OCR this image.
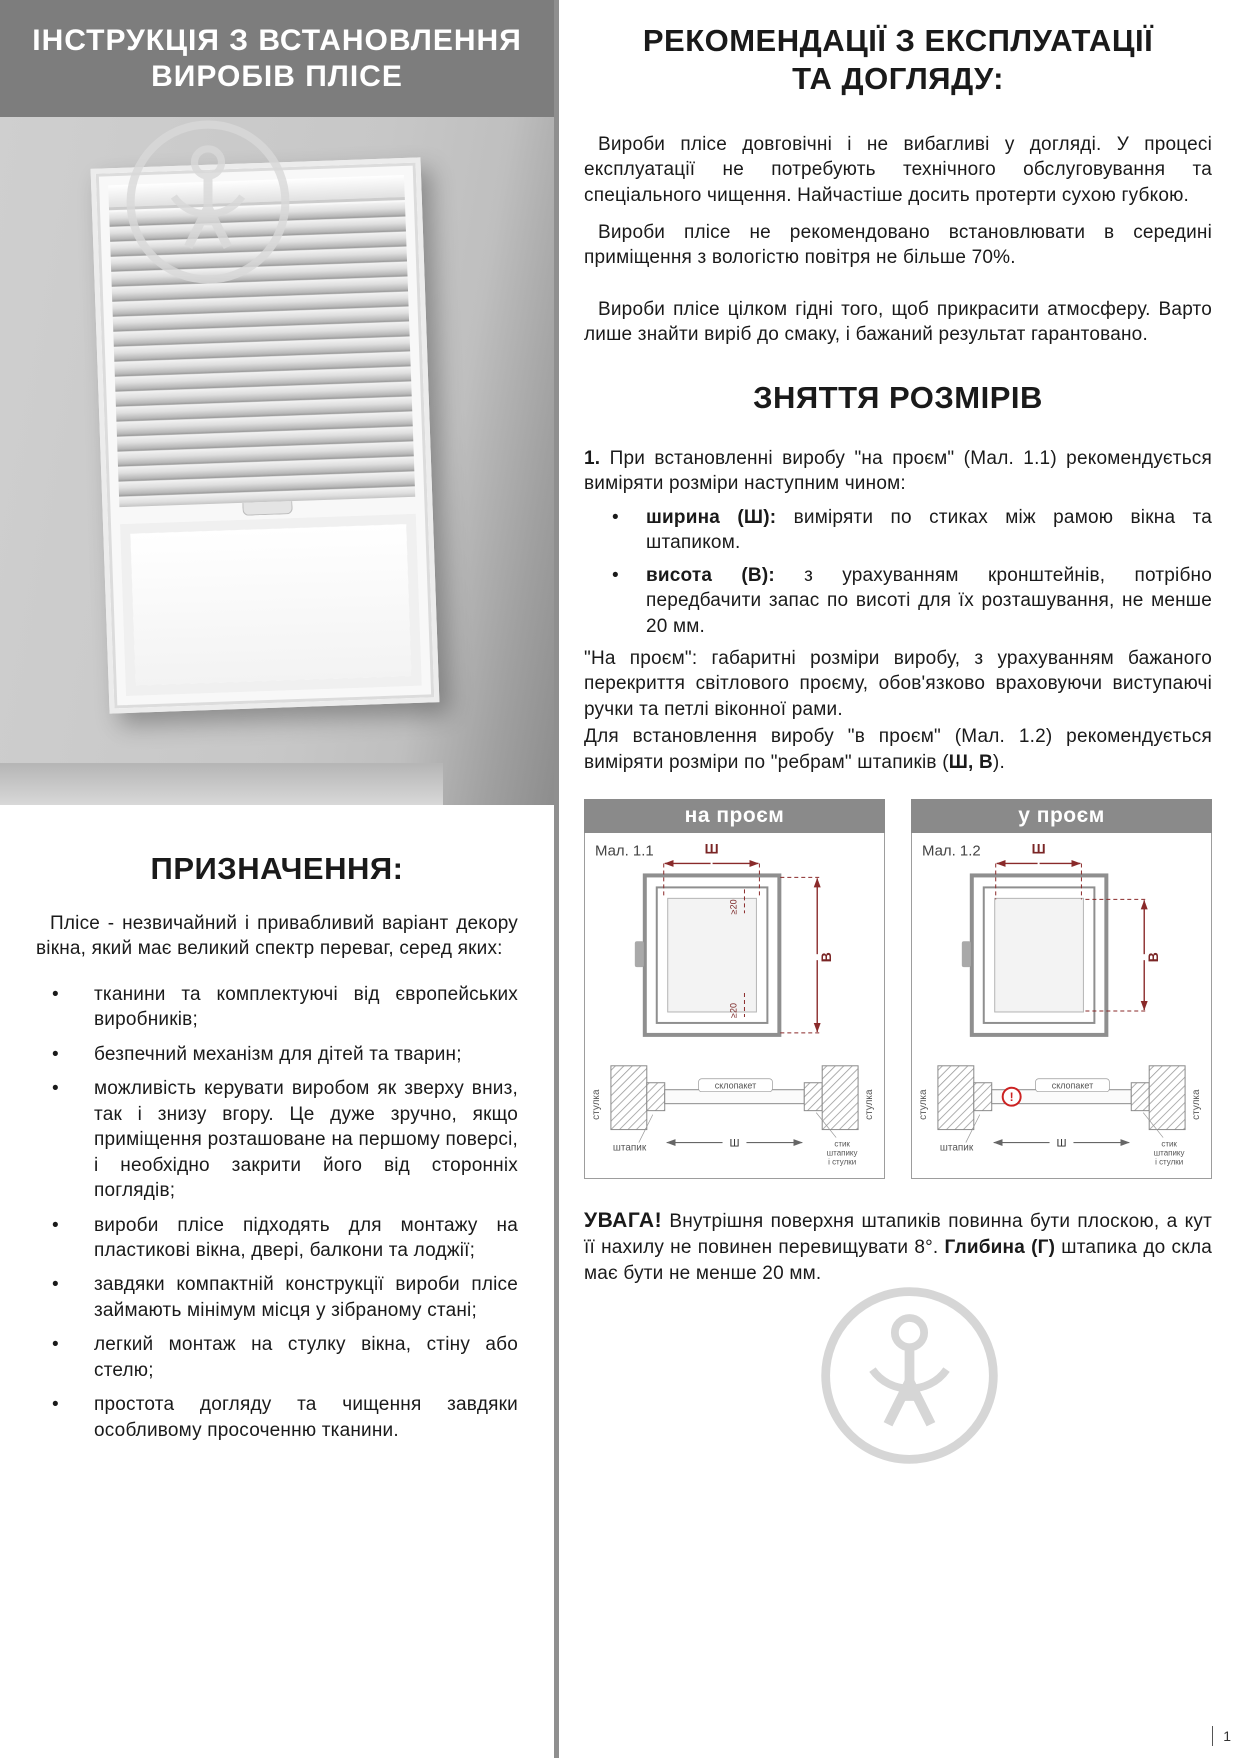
ІНСТРУКЦІЯ З ВСТАНОВЛЕННЯ
ВИРОБІВ ПЛІСЕ
ПРИЗНАЧЕННЯ:

Плісе - незвичайний і привабливий варіант декору вікна, який має великий спектр переваг, серед яких:

• тканини та комплектуючі від європейських виробників;
• безпечний механізм для дітей та тварин;
• можливість керувати виробом як зверху вниз, так і знизу вгору. Це дуже зручно, якщо приміщення розташоване на першому поверсі, і необхідно закрити його від сторонніх поглядів;
• вироби плісе підходять для монтажу на пластикові вікна, двері, балкони та лоджії;
• завдяки компактній конструкції вироби плісе займають мінімум місця у зібраному стані;
• легкий монтаж на стулку вікна, стіну або стелю;
• простота догляду та чищення завдяки особливому просоченню тканини.
РЕКОМЕНДАЦІЇ З ЕКСПЛУАТАЦІЇ
ТА ДОГЛЯДУ:

Вироби плісе довговічні і не вибагливі у догляді. У процесі експлуатації не потребують технічного обслуговування та спеціального чищення. Найчастіше досить протерти сухою губкою.

Вироби плісе не рекомендовано встановлювати в середині приміщення з вологістю повітря не більше 70%.

Вироби плісе цілком гідні того, щоб прикрасити атмосферу. Варто лише знайти виріб до смаку, і бажаний результат гарантовано.

ЗНЯТТЯ РОЗМІРІВ

1. При встановленні виробу "на проєм" (Мал. 1.1) рекомендується виміряти розміри наступним чином:

• ширина (Ш): виміряти по стиках між рамою вікна та штапиком.
• висота (В): з урахуванням кронштейнів, потрібно передбачити запас по висоті для їх розташування, не менше 20 мм.

"На проєм": габаритні розміри виробу, з урахуванням бажаного перекриття світлового проєму, обов'язково враховуючи виступаючі ручки та петлі віконної рами.

Для встановлення виробу "в проєм" (Мал. 1.2) рекомендується виміряти розміри по "ребрам" штапиків (Ш, В).

на проєм
Мал. 1.1	Ш
В
≥20
≥20
стулка	стулка
склопакет
штапик	Ш	стик
штапику
і стулки
у проєм
Мал. 1.2	Ш
В
стулка	стулка
склопакет
!
штапик	Ш	стик
штапику
і стулки

УВАГА! Внутрішня поверхня штапиків повинна бути плоскою, а кут її нахилу не повинен перевищувати 8°. Глибина (Г) штапика до скла має бути не менше 20 мм.

1
